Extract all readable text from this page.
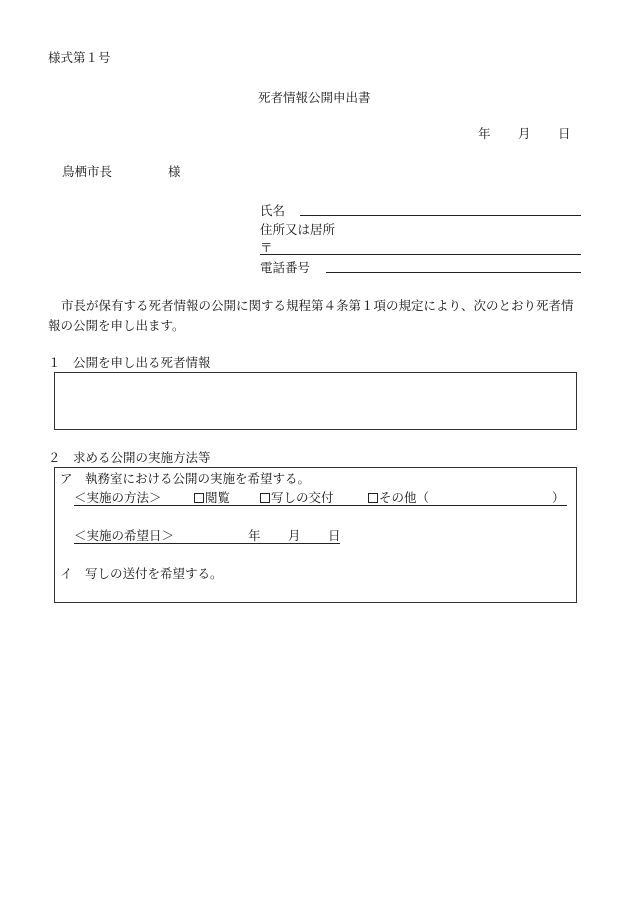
様式第１号
死者情報公開申出書
年 月 日
鳥栖市長	様
氏名
住所又は居所
〒
電話番号
市長が保有する死者情報の公開に関する規程第４条第１項の規定により、次のとおり死者情報の公開を申し出ます。
１　公開を申し出る死者情報
２　求める公開の実施方法等
ア　執務室における公開の実施を希望する。
＜実施の方法＞	閲覧	写しの交付	その他（	）
＜実施の希望日＞	年 月 日
イ　写しの送付を希望する。
